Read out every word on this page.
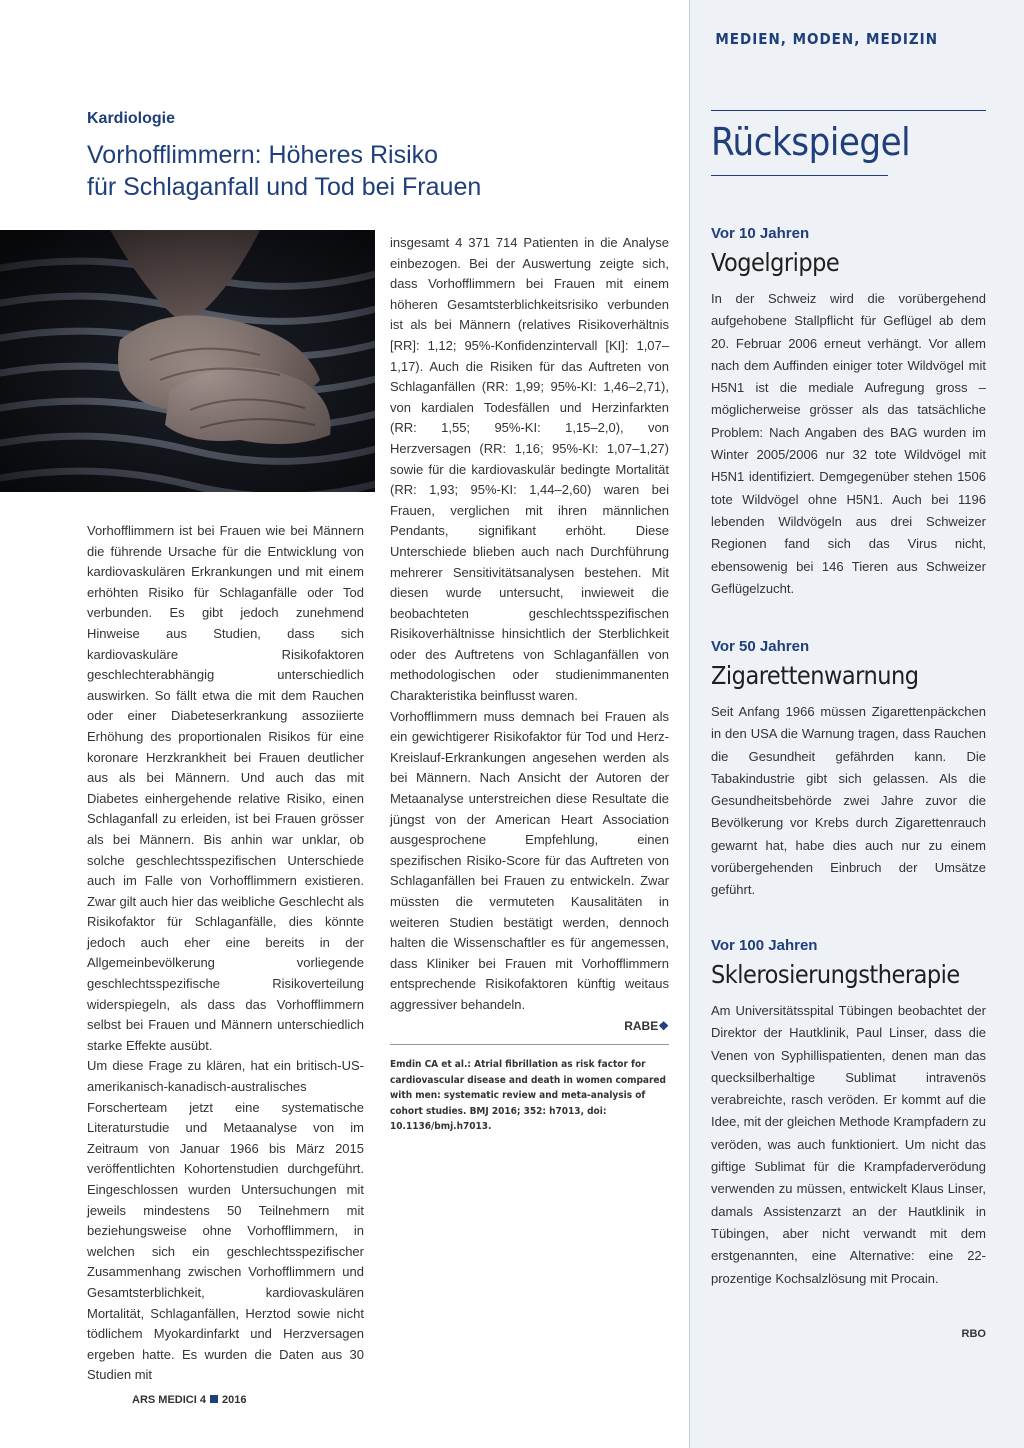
MEDIEN, MODEN, MEDIZIN

Kardiologie

Vorhofflimmern: Höheres Risiko
für Schlaganfall und Tod bei Frauen

Vorhofflimmern ist bei Frauen wie bei Männern die führende Ursache für die Entwicklung von kardiovaskulären Erkrankungen und mit einem erhöhten Risiko für Schlaganfälle oder Tod verbunden. Es gibt jedoch zunehmend Hinweise aus Studien, dass sich kardiovaskuläre Risikofaktoren geschlechterabhängig unterschiedlich auswirken. So fällt etwa die mit dem Rauchen oder einer Diabeteserkrankung assoziierte Erhöhung des proportionalen Risikos für eine koronare Herzkrankheit bei Frauen deutlicher aus als bei Männern. Und auch das mit Diabetes einhergehende relative Risiko, einen Schlaganfall zu erleiden, ist bei Frauen grösser als bei Männern. Bis anhin war unklar, ob solche geschlechtsspezifischen Unterschiede auch im Falle von Vorhofflimmern existieren. Zwar gilt auch hier das weibliche Geschlecht als Risikofaktor für Schlaganfälle, dies könnte jedoch auch eher eine bereits in der Allgemeinbevölkerung vorliegende geschlechtsspezifische Risikoverteilung widerspiegeln, als dass das Vorhofflimmern selbst bei Frauen und Männern unterschiedlich starke Effekte ausübt.

Um diese Frage zu klären, hat ein britisch-US-amerikanisch-kanadisch-australisches Forscherteam jetzt eine systematische Literaturstudie und Metaanalyse von im Zeitraum von Januar 1966 bis März 2015 veröffentlichten Kohortenstudien durchgeführt. Eingeschlossen wurden Untersuchungen mit jeweils mindestens 50 Teilnehmern mit beziehungsweise ohne Vorhofflimmern, in welchen sich ein geschlechtsspezifischer Zusammenhang zwischen Vorhofflimmern und Gesamtsterblichkeit, kardiovaskulären Mortalität, Schlaganfällen, Herztod sowie nicht tödlichem Myokardinfarkt und Herzversagen ergeben hatte. Es wurden die Daten aus 30 Studien mit

insgesamt 4 371 714 Patienten in die Analyse einbezogen. Bei der Auswertung zeigte sich, dass Vorhofflimmern bei Frauen mit einem höheren Gesamtsterblichkeitsrisiko verbunden ist als bei Männern (relatives Risikoverhältnis [RR]: 1,12; 95%-Konfidenzintervall [KI]: 1,07–1,17). Auch die Risiken für das Auftreten von Schlaganfällen (RR: 1,99; 95%-KI: 1,46–2,71), von kardialen Todesfällen und Herzinfarkten (RR: 1,55; 95%-KI: 1,15–2,0), von Herzversagen (RR: 1,16; 95%-KI: 1,07–1,27) sowie für die kardiovaskulär bedingte Mortalität (RR: 1,93; 95%-KI: 1,44–2,60) waren bei Frauen, verglichen mit ihren männlichen Pendants, signifikant erhöht. Diese Unterschiede blieben auch nach Durchführung mehrerer Sensitivitätsanalysen bestehen. Mit diesen wurde untersucht, inwieweit die beobachteten geschlechtsspezifischen Risikoverhältnisse hinsichtlich der Sterblichkeit oder des Auftretens von Schlaganfällen von methodologischen oder studienimmanenten Charakteristika beinflusst waren.

Vorhofflimmern muss demnach bei Frauen als ein gewichtigerer Risikofaktor für Tod und Herz-Kreislauf-Erkrankungen angesehen werden als bei Männern. Nach Ansicht der Autoren der Metaanalyse unterstreichen diese Resultate die jüngst von der American Heart Association ausgesprochene Empfehlung, einen spezifischen Risiko-Score für das Auftreten von Schlaganfällen bei Frauen zu entwickeln. Zwar müssten die vermuteten Kausalitäten in weiteren Studien bestätigt werden, dennoch halten die Wissenschaftler es für angemessen, dass Kliniker bei Frauen mit Vorhofflimmern entsprechende Risikofaktoren künftig weitaus aggressiver behandeln.

RABE❖

Emdin CA et al.: Atrial fibrillation as risk factor for cardiovascular disease and death in women compared with men: systematic review and meta-analysis of cohort studies. BMJ 2016; 352: h7013, doi: 10.1136/bmj.h7013.

Rückspiegel

Vor 10 Jahren

Vogelgrippe

In der Schweiz wird die vorübergehend aufgehobene Stallpflicht für Geflügel ab dem 20. Februar 2006 erneut verhängt. Vor allem nach dem Auffinden einiger toter Wildvögel mit H5N1 ist die mediale Aufregung gross – möglicherweise grösser als das tatsächliche Problem: Nach Angaben des BAG wurden im Winter 2005/2006 nur 32 tote Wildvögel mit H5N1 identifiziert. Demgegenüber stehen 1506 tote Wildvögel ohne H5N1. Auch bei 1196 lebenden Wildvögeln aus drei Schweizer Regionen fand sich das Virus nicht, ebensowenig bei 146 Tieren aus Schweizer Geflügelzucht.

Vor 50 Jahren

Zigarettenwarnung

Seit Anfang 1966 müssen Zigarettenpäckchen in den USA die Warnung tragen, dass Rauchen die Gesundheit gefährden kann. Die Tabakindustrie gibt sich gelassen. Als die Gesundheitsbehörde zwei Jahre zuvor die Bevölkerung vor Krebs durch Zigarettenrauch gewarnt hat, habe dies auch nur zu einem vorübergehenden Einbruch der Umsätze geführt.

Vor 100 Jahren

Sklerosierungstherapie

Am Universitätsspital Tübingen beobachtet der Direktor der Hautklinik, Paul Linser, dass die Venen von Syphillispatienten, denen man das quecksilberhaltige Sublimat intravenös verabreichte, rasch veröden. Er kommt auf die Idee, mit der gleichen Methode Krampfadern zu veröden, was auch funktioniert. Um nicht das giftige Sublimat für die Krampfaderverödung verwenden zu müssen, entwickelt Klaus Linser, damals Assistenzarzt an der Hautklinik in Tübingen, aber nicht verwandt mit dem erstgenannten, eine Alternative: eine 22-prozentige Kochsalzlösung mit Procain.

RBO
ARS MEDICI 4 2016
